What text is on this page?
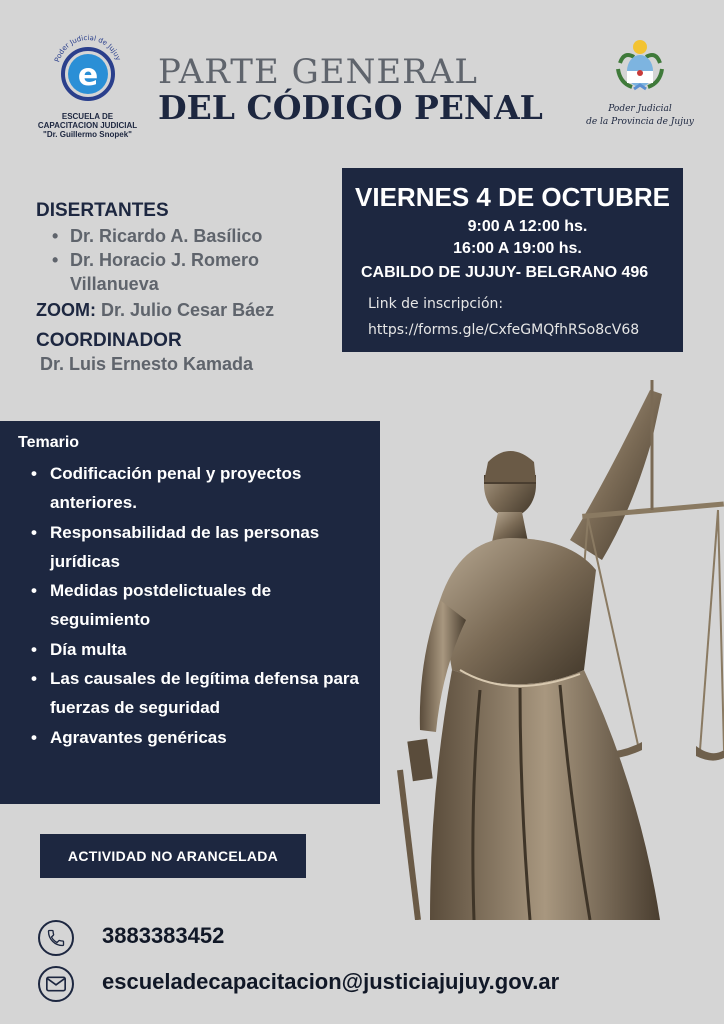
Poder Judicial de Jujuy
e
ESCUELA DE
CAPACITACION JUDICIAL
"Dr. Guillermo Snopek"
PARTE GENERAL
DEL CÓDIGO PENAL	Poder Judicial
de la Provincia de Jujuy
DISERTANTES
• Dr. Ricardo A. Basílico
• Dr. Horacio J. Romero Villanueva
ZOOM: Dr. Julio Cesar Báez
COORDINADOR
Dr. Luis Ernesto Kamada
VIERNES 4 DE OCTUBRE
9:00 A 12:00 hs.
16:00 A 19:00 hs.
CABILDO DE JUJUY- BELGRANO 496
Link de inscripción:
https://forms.gle/CxfeGMQfhRSo8cV68
Temario
• Codificación penal y proyectos anteriores.
• Responsabilidad de las personas jurídicas
• Medidas postdelictuales de seguimiento
• Día multa
• Las causales de legítima defensa para fuerzas de seguridad
• Agravantes genéricas
ACTIVIDAD NO ARANCELADA
3883383452
escueladecapacitacion@justiciajujuy.gov.ar
